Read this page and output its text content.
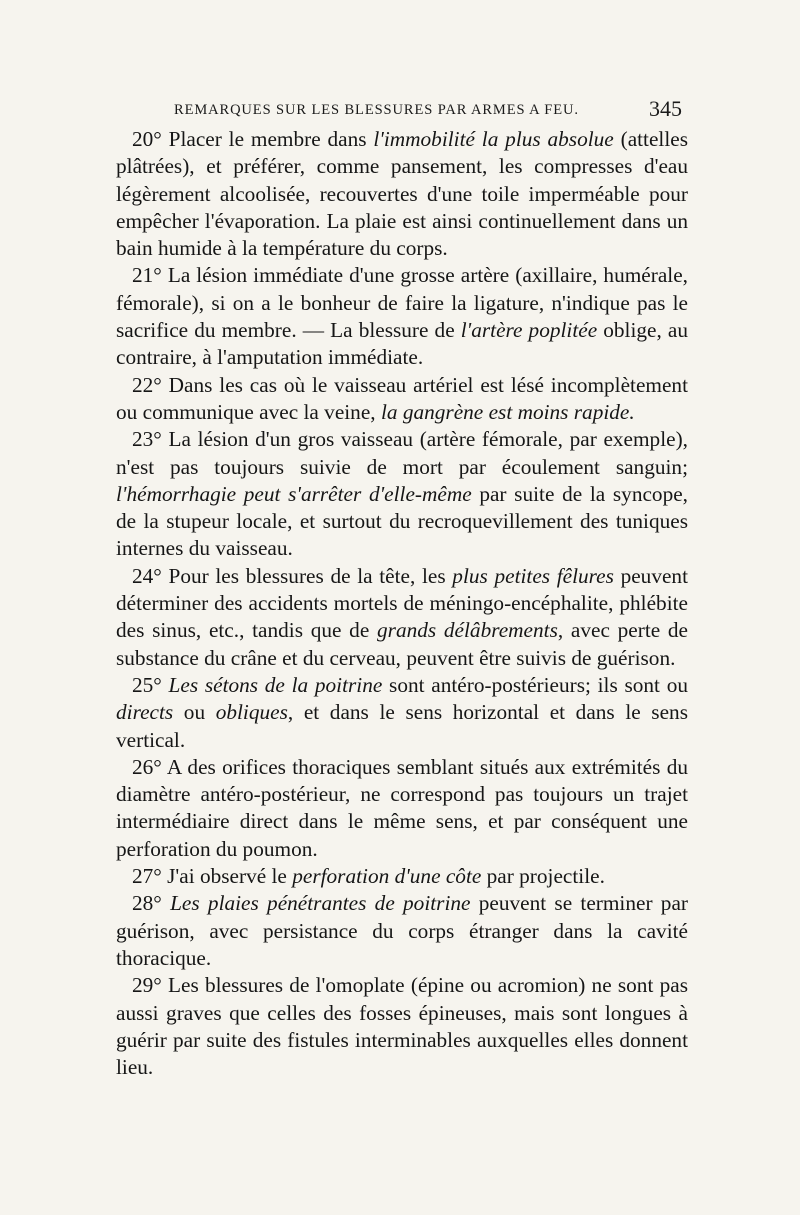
REMARQUES SUR LES BLESSURES PAR ARMES A FEU.	345

20° Placer le membre dans l'immobilité la plus absolue (attelles plâtrées), et préférer, comme pansement, les compresses d'eau légèrement alcoolisée, recouvertes d'une toile imperméable pour empêcher l'évaporation. La plaie est ainsi continuellement dans un bain humide à la température du corps.

21° La lésion immédiate d'une grosse artère (axillaire, humérale, fémorale), si on a le bonheur de faire la ligature, n'indique pas le sacrifice du membre. — La blessure de l'artère poplitée oblige, au contraire, à l'amputation immédiate.

22° Dans les cas où le vaisseau artériel est lésé incomplètement ou communique avec la veine, la gangrène est moins rapide.

23° La lésion d'un gros vaisseau (artère fémorale, par exemple), n'est pas toujours suivie de mort par écoulement sanguin; l'hémorrhagie peut s'arrêter d'elle-même par suite de la syncope, de la stupeur locale, et surtout du recroquevillement des tuniques internes du vaisseau.

24° Pour les blessures de la tête, les plus petites fêlures peuvent déterminer des accidents mortels de méningo-encéphalite, phlébite des sinus, etc., tandis que de grands délâbrements, avec perte de substance du crâne et du cerveau, peuvent être suivis de guérison.

25° Les sétons de la poitrine sont antéro-postérieurs; ils sont ou directs ou obliques, et dans le sens horizontal et dans le sens vertical.

26° A des orifices thoraciques semblant situés aux extrémités du diamètre antéro-postérieur, ne correspond pas toujours un trajet intermédiaire direct dans le même sens, et par conséquent une perforation du poumon.

27° J'ai observé le perforation d'une côte par projectile.

28° Les plaies pénétrantes de poitrine peuvent se terminer par guérison, avec persistance du corps étranger dans la cavité thoracique.

29° Les blessures de l'omoplate (épine ou acromion) ne sont pas aussi graves que celles des fosses épineuses, mais sont longues à guérir par suite des fistules interminables auxquelles elles donnent lieu.
